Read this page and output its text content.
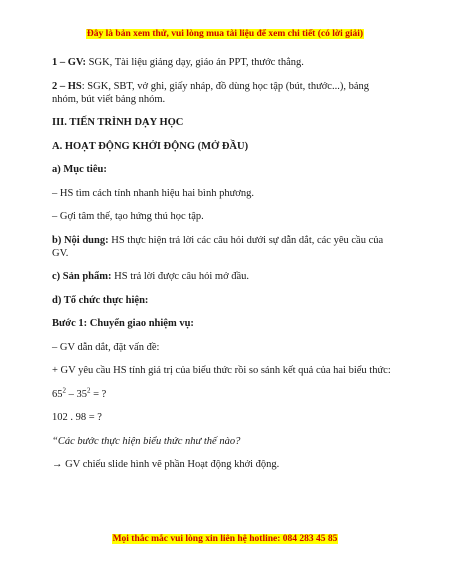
Đây là bản xem thử, vui lòng mua tài liệu để xem chi tiết (có lời giải)
1 – GV: SGK, Tài liệu giảng dạy, giáo án PPT, thước thẳng.
2 – HS: SGK, SBT, vở ghi, giấy nháp, đồ dùng học tập (bút, thước...), bảng nhóm, bút viết bảng nhóm.
III. TIẾN TRÌNH DẠY HỌC
A. HOẠT ĐỘNG KHỞI ĐỘNG (MỞ ĐẦU)
a) Mục tiêu:
– HS tìm cách tính nhanh hiệu hai bình phương.
– Gợi tâm thế, tạo hứng thú học tập.
b) Nội dung: HS thực hiện trả lời các câu hỏi dưới sự dẫn dắt, các yêu cầu của GV.
c) Sản phẩm: HS trả lời được câu hỏi mở đầu.
d) Tổ chức thực hiện:
Bước 1: Chuyển giao nhiệm vụ:
– GV dẫn dắt, đặt vấn đề:
+ GV yêu cầu HS tính giá trị của biểu thức rồi so sánh kết quả của hai biểu thức:
$65^2 - 35^2$ = ?
102 . 98 = ?
“Các bước thực hiện biểu thức như thế nào?
→ GV chiếu slide hình vẽ phần Hoạt động khởi động.
Mọi thắc mắc vui lòng xin liên hệ hotline: 084 283 45 85
